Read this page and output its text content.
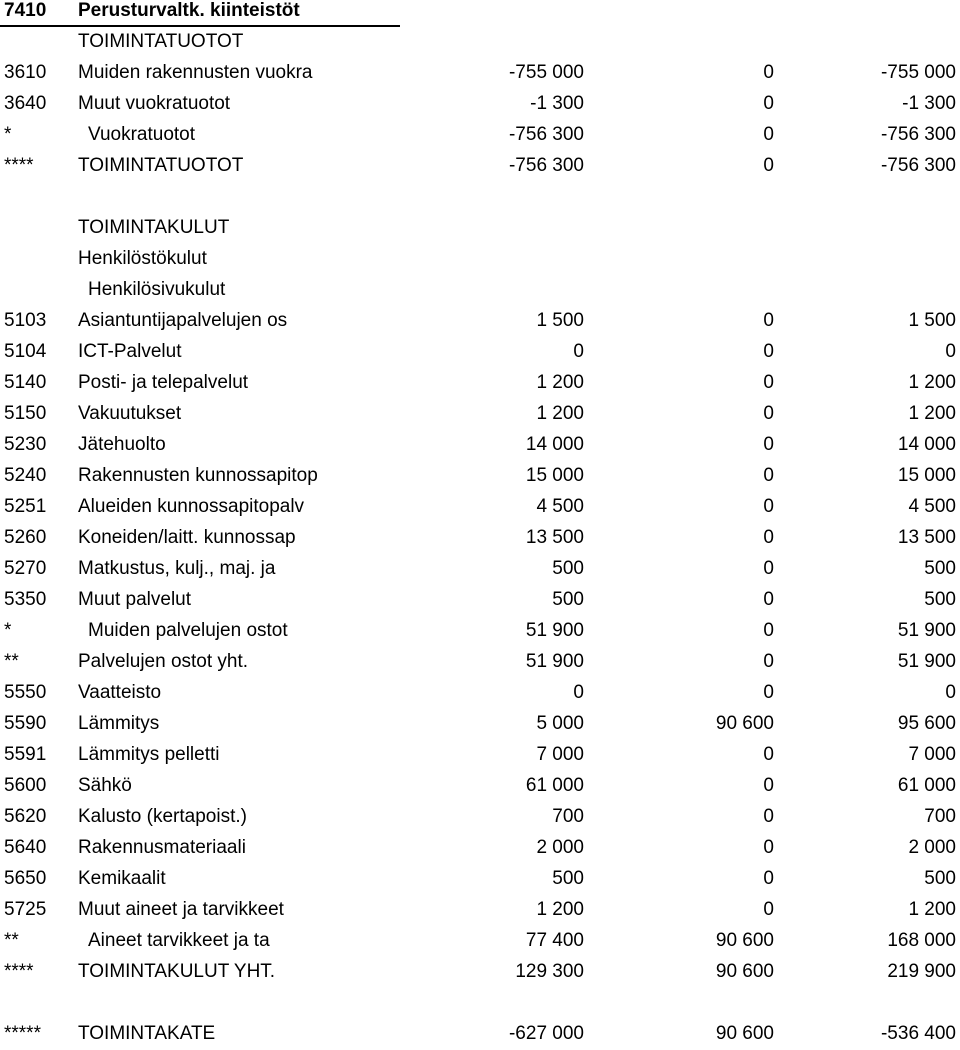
7410 Perusturvaltk. kiinteistöt
TOIMINTATUOTOT
3610 Muiden rakennusten vuokra	-755 000	0	-755 000
3640 Muut vuokratuotot	-1 300	0	-1 300
*	Vuokratuotot	-756 300	0	-756 300
**** TOIMINTATUOTOT	-756 300	0	-756 300
TOIMINTAKULUT
Henkilöstökulut
Henkilösivukulut
5103 Asiantuntijapalvelujen os	1 500	0	1 500
5104 ICT-Palvelut	0	0	0
5140 Posti- ja telepalvelut	1 200	0	1 200
5150 Vakuutukset	1 200	0	1 200
5230 Jätehuolto	14 000	0	14 000
5240 Rakennusten kunnossapitop	15 000	0	15 000
5251 Alueiden kunnossapitopalv	4 500	0	4 500
5260 Koneiden/laitt. kunnossap	13 500	0	13 500
5270 Matkustus, kulj., maj. ja	500	0	500
5350 Muut palvelut	500	0	500
*	Muiden palvelujen ostot	51 900	0	51 900
**	Palvelujen ostot yht.	51 900	0	51 900
5550 Vaatteisto	0	0	0
5590 Lämmitys	5 000	90 600	95 600
5591 Lämmitys pelletti	7 000	0	7 000
5600 Sähkö	61 000	0	61 000
5620 Kalusto (kertapoist.)	700	0	700
5640 Rakennusmateriaali	2 000	0	2 000
5650 Kemikaalit	500	0	500
5725 Muut aineet ja tarvikkeet	1 200	0	1 200
**	Aineet tarvikkeet ja ta	77 400	90 600	168 000
**** TOIMINTAKULUT YHT.	129 300	90 600	219 900
***** TOIMINTAKATE	-627 000	90 600	-536 400
